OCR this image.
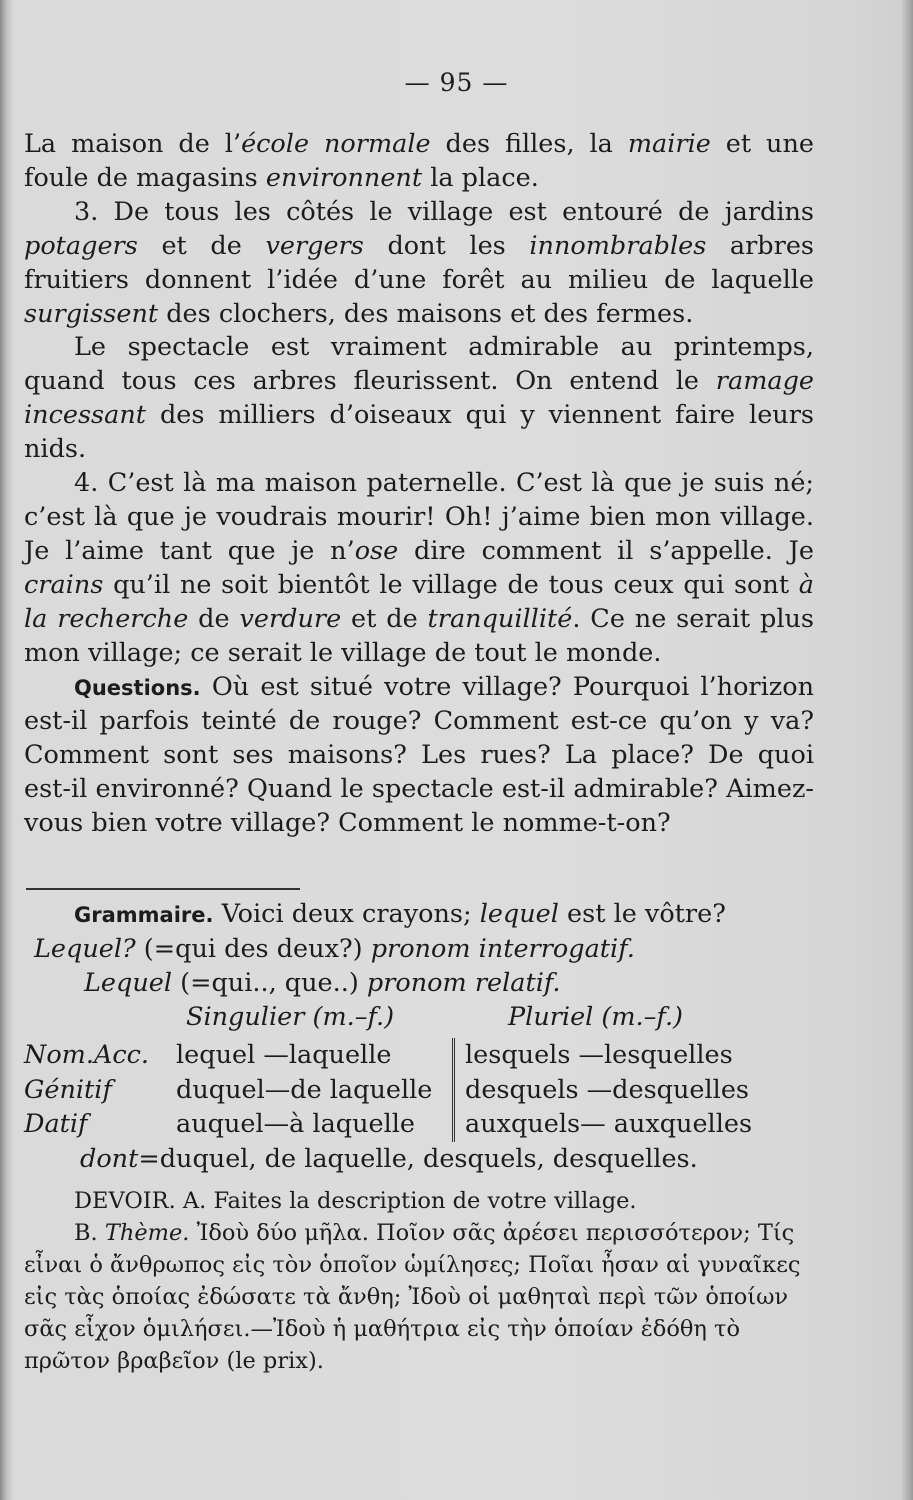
— 95 —

La maison de l’école normale des filles, la mairie et une foule de magasins environnent la place.

3. De tous les côtés le village est entouré de jardins potagers et de vergers dont les innombrables arbres fruitiers donnent l’idée d’une forêt au milieu de laquelle surgissent des clochers, des maisons et des fermes.

Le spectacle est vraiment admirable au printemps, quand tous ces arbres fleurissent. On entend le ramage incessant des milliers d’oiseaux qui y viennent faire leurs nids.

4. C’est là ma maison paternelle. C’est là que je suis né; c’est là que je voudrais mourir! Oh! j’aime bien mon village. Je l’aime tant que je n’ose dire comment il s’appelle. Je crains qu’il ne soit bientôt le village de tous ceux qui sont à la recherche de verdure et de tranquillité. Ce ne serait plus mon village; ce serait le village de tout le monde.

Questions. Où est situé votre village? Pourquoi l’horizon est-il parfois teinté de rouge? Comment est-ce qu’on y va? Comment sont ses maisons? Les rues? La place? De quoi est-il environné? Quand le spectacle est-il admirable? Aimez-vous bien votre village? Comment le nomme-t-on?

Grammaire. Voici deux crayons; lequel est le vôtre?

Lequel? (=qui des deux?) pronom interrogatif.

Lequel (=qui.., que..) pronom relatif.

Singulier (m.–f.)	Pluriel (m.–f.)
Nom.Acc.	lequel —laquelle	lesquels —lesquelles
Génitif	duquel—de laquelle	desquels —desquelles
Datif	auquel—à laquelle	auxquels— auxquelles

dont=duquel, de laquelle, desquels, desquelles.

DEVOIR. A. Faites la description de votre village.

B. Thème. Ἰδοὺ δύο μῆλα. Ποῖον σᾶς ἀρέσει περισσότερον; Τίς εἶναι ὁ ἄνθρωπος εἰς τὸν ὁποῖον ὡμίλησες; Ποῖαι ἦσαν αἱ γυναῖκες εἰς τὰς ὁποίας ἐδώσατε τὰ ἄνθη; Ἰδοὺ οἱ μαθηταὶ περὶ τῶν ὁποίων σᾶς εἶχον ὁμιλήσει.—Ἰδοὺ ἡ μαθήτρια εἰς τὴν ὁποίαν ἐδόθη τὸ πρῶτον βραβεῖον (le prix).
